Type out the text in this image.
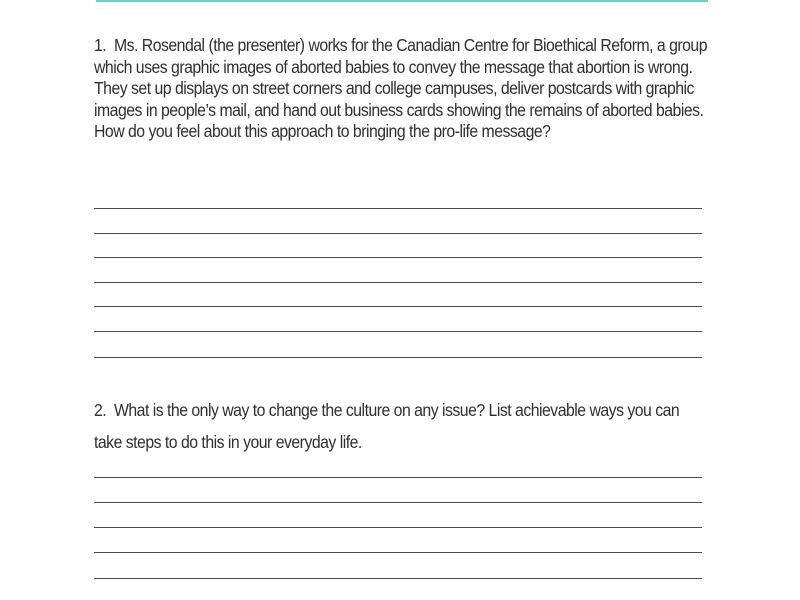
1. Ms. Rosendal (the presenter) works for the Canadian Centre for Bioethical Reform, a group which uses graphic images of aborted babies to convey the message that abortion is wrong. They set up displays on street corners and college campuses, deliver postcards with graphic images in people’s mail, and hand out business cards showing the remains of aborted babies. How do you feel about this approach to bringing the pro-life message?
2. What is the only way to change the culture on any issue? List achievable ways you can take steps to do this in your everyday life.
